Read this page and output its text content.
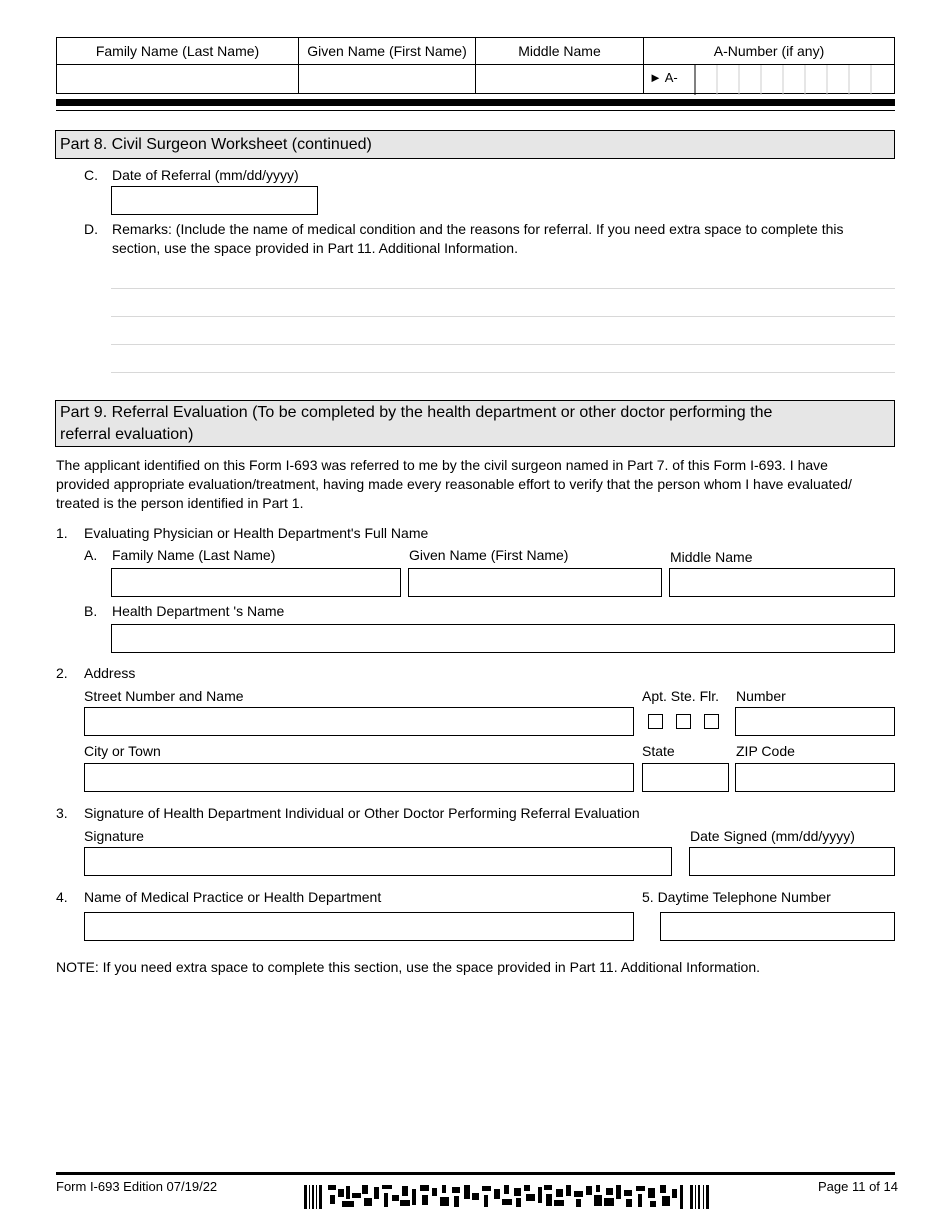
Family Name (Last Name)	Given Name (First Name)	Middle Name	A-Number (if any)
► A-
Part 8. Civil Surgeon Worksheet (continued)
C. Date of Referral (mm/dd/yyyy)
D. Remarks: (Include the name of medical condition and the reasons for referral. If you need extra space to complete this
section, use the space provided in Part 11. Additional Information.
Part 9. Referral Evaluation (To be completed by the health department or other doctor performing the
referral evaluation)
The applicant identified on this Form I-693 was referred to me by the civil surgeon named in Part 7. of this Form I-693. I have
provided appropriate evaluation/treatment, having made every reasonable effort to verify that the person whom I have evaluated/
treated is the person identified in Part 1.
1. Evaluating Physician or Health Department's Full Name
A. Family Name (Last Name)	Given Name (First Name)	Middle Name
B. Health Department 's Name
2. Address
Street Number and Name	Apt. Ste. Flr. Number
City or Town	State	ZIP Code
3. Signature of Health Department Individual or Other Doctor Performing Referral Evaluation
Signature	Date Signed (mm/dd/yyyy)
4. Name of Medical Practice or Health Department	5. Daytime Telephone Number
NOTE: If you need extra space to complete this section, use the space provided in Part 11. Additional Information.
Form I-693 Edition 07/19/22	Page 11 of 14
